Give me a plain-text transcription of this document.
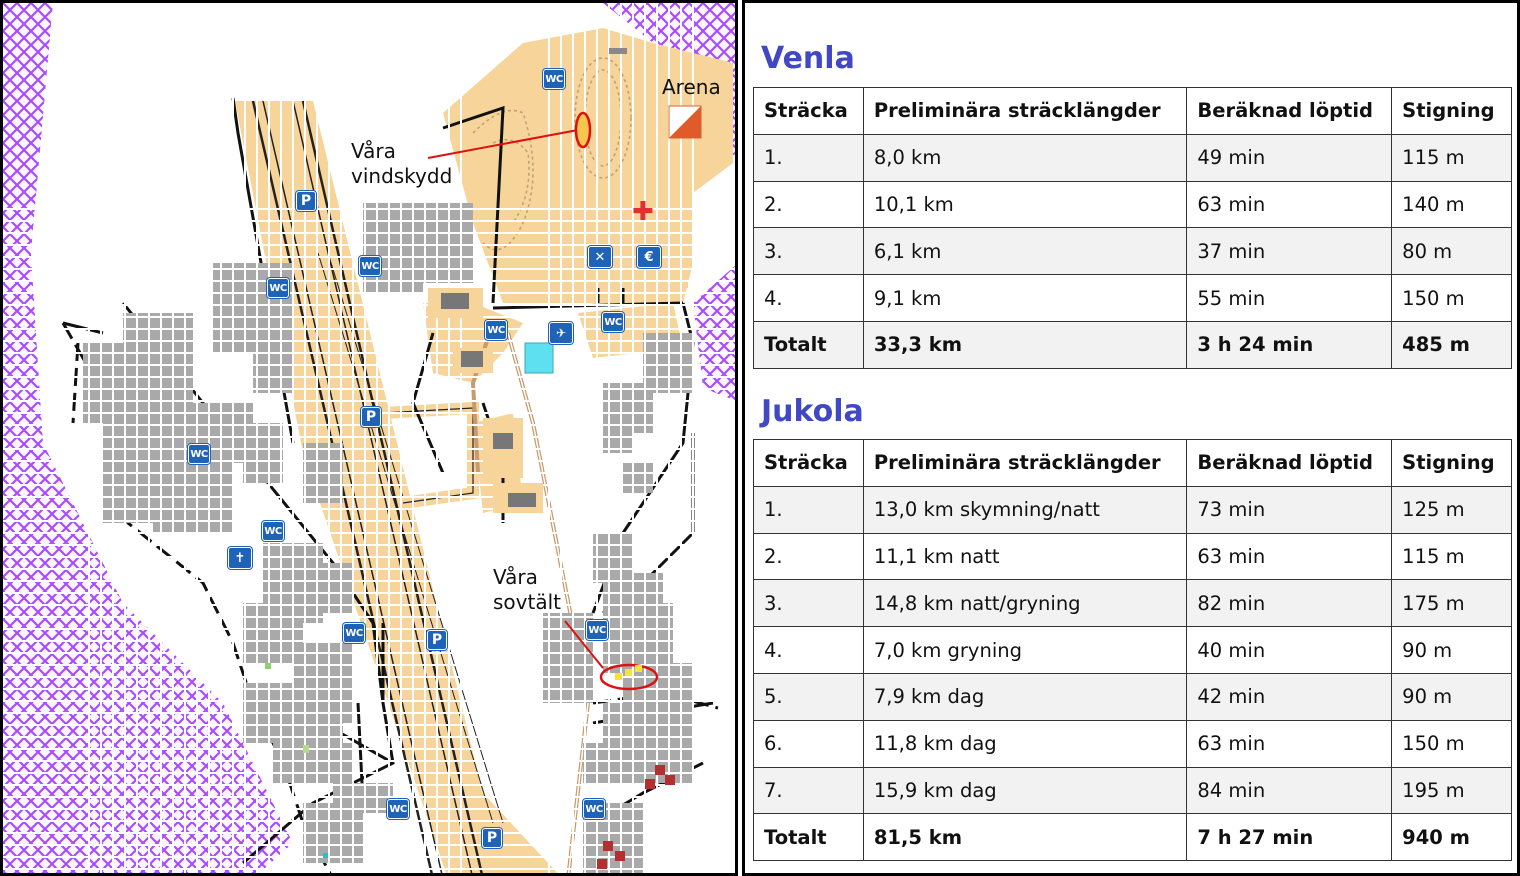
Arena
Våra
vindskydd
Våra
sovtält
P
P
P
P
WC
WC
WC
WC
WC
WC
WC
WC	WC
WC	WC
✝
✕	€
✈
✚
Venla
Sträcka	Preliminära sträcklängder	Beräknad löptid	Stigning
1.	8,0 km	49 min	115 m
2.	10,1 km	63 min	140 m
3.	6,1 km	37 min	80 m
4.	9,1 km	55 min	150 m
Totalt	33,3 km	3 h 24 min	485 m
Jukola
Sträcka	Preliminära sträcklängder	Beräknad löptid	Stigning
1.	13,0 km skymning/natt	73 min	125 m
2.	11,1 km natt	63 min	115 m
3.	14,8 km natt/gryning	82 min	175 m
4.	7,0 km gryning	40 min	90 m
5.	7,9 km dag	42 min	90 m
6.	11,8 km dag	63 min	150 m
7.	15,9 km dag	84 min	195 m
Totalt	81,5 km	7 h 27 min	940 m
